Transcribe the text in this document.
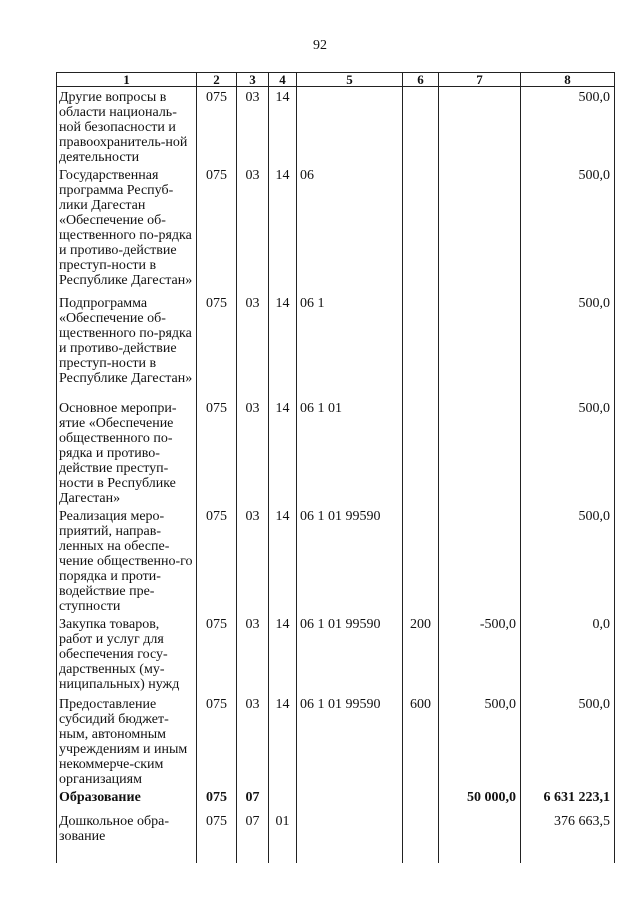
92
1	2	3	4	5	6	7	8
Другие вопросы в области националь-ной безопасности и правоохранитель-ной деятельности	075	03	14				500,0
Государственная программа Респуб-лики Дагестан «Обеспечение об-щественного по-рядка и противо-действие преступ-ности в Республике Дагестан»	075	03	14	06			500,0
Подпрограмма «Обеспечение об-щественного по-рядка и противо-действие преступ-ности в Республике Дагестан»	075	03	14	06 1			500,0
Основное меропри-ятие «Обеспечение общественного по-рядка и противо-действие преступ-ности в Республике Дагестан»	075	03	14	06 1 01			500,0
Реализация меро-приятий, направ-ленных на обеспе-чение общественно-го порядка и проти-водействие пре-ступности	075	03	14	06 1 01 99590			500,0
Закупка товаров, работ и услуг для обеспечения госу-дарственных (му-ниципальных) нужд	075	03	14	06 1 01 99590	200	-500,0	0,0
Предоставление субсидий бюджет-ным, автономным учреждениям и иным некоммерче-ским организациям	075	03	14	06 1 01 99590	600	500,0	500,0
Образование	075	07				50 000,0	6 631 223,1
Дошкольное обра-зование	075	07	01				376 663,5
